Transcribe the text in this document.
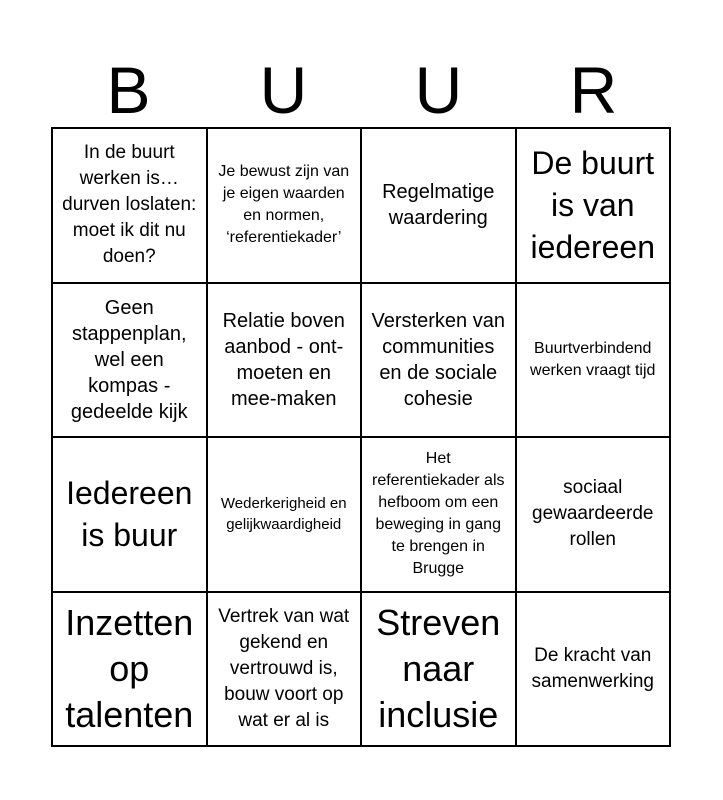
B	U	U	R
In de buurt werken is… durven loslaten: moet ik dit nu doen?
Je bewust zijn van je eigen waarden en normen, ‘referentiekader’
Regelmatige waardering
De buurt is van iedereen
Geen stappenplan, wel een kompas - gedeelde kijk
Relatie boven aanbod - ont-moeten en mee-maken
Versterken van communities en de sociale cohesie
Buurtverbindend werken vraagt tijd
Iedereen is buur
Wederkerigheid en gelijkwaardigheid
Het referentiekader als hefboom om een beweging in gang te brengen in Brugge
sociaal gewaardeerde rollen
Inzetten op talenten
Vertrek van wat gekend en vertrouwd is, bouw voort op wat er al is
Streven naar inclusie
De kracht van samenwerking
